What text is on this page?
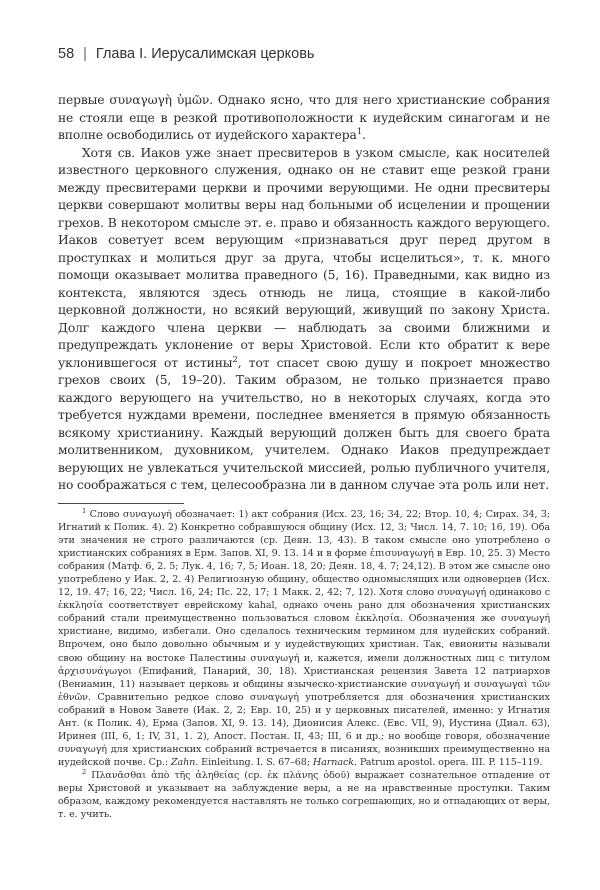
58 | Глава I. Иерусалимская церковь

первые συναγωγὴ ὑμῶν. Однако ясно, что для него христианские собрания не стояли еще в резкой противоположности к иудейским синагогам и не вполне освободились от иудейского характера$^1$.

Хотя св. Иаков уже знает пресвитеров в узком смысле, как носителей известного церковного служения, однако он не ставит еще резкой грани между пресвитерами церкви и прочими верующими. Не одни пресвитеры церкви совершают молитвы веры над больными об исцелении и прощении грехов. В некотором смысле эт. е. право и обязанность каждого верующего. Иаков советует всем верующим «признаваться друг перед другом в проступках и молиться друг за друга, чтобы исцелиться», т. к. много помощи оказывает молитва праведного (5, 16). Праведными, как видно из контекста, являются здесь отнюдь не лица, стоящие в какой-либо церковной должности, но всякий верующий, живущий по закону Христа. Долг каждого члена церкви — наблюдать за своими ближними и предупреждать уклонение от веры Христовой. Если кто обратит к вере уклонившегося от истины$^2$, тот спасет свою душу и покроет множество грехов своих (5, 19–20). Таким образом, не только признается право каждого верующего на учительство, но в некоторых случаях, когда это требуется нуждами времени, последнее вменяется в прямую обязанность всякому христианину. Каждый верующий должен быть для своего брата молитвенником, духовником, учителем. Однако Иаков предупреждает верующих не увлекаться учительской миссией, ролью публичного учителя, но соображаться с тем, целесообразна ли в данном случае эта роль или нет.

$^1$ Слово συναγωγή обозначает: 1) акт собрания (Исх. 23, 16; 34, 22; Втор. 10, 4; Сирах. 34, 3; Игнатий к Полик. 4). 2) Конкретно собравшуюся общину (Исх. 12, 3; Числ. 14, 7. 10; 16, 19). Оба эти значения не строго различаются (ср. Деян. 13, 43). В таком смысле оно употреблено о христианских собраниях в Ерм. Запов. XI, 9. 13. 14 и в форме ἐπισυναγωγή в Евр. 10, 25. 3) Место собрания (Матф. 6, 2. 5; Лук. 4, 16; 7, 5; Иоан. 18, 20; Деян. 18, 4. 7; 24,12). В этом же смысле оно употреблено у Иак. 2, 2. 4) Религиозную общину, общество одномыслящих или одноверцев (Исх. 12, 19. 47; 16, 22; Числ. 16, 24; Пс. 22, 17; 1 Макк. 2, 42; 7, 12). Хотя слово συναγωγή одинаково с ἐκκλησία соответствует еврейскому kahal, однако очень рано для обозначения христианских собраний стали преимущественно пользоваться словом ἐκκλησία. Обозначения же συναγωγή христиане, видимо, избегали. Оно сделалось техническим термином для иудейских собраний. Впрочем, оно было довольно обычным и у иудействующих христиан. Так, евиониты называли свою общину на востоке Палестины συναγωγή и, кажется, имели должностных лиц с титулом ἀρχισυνάγωγοι (Епифаний, Панарий, 30, 18). Христианская рецензия Завета 12 патриархов (Вениамин, 11) называет церковь и общины язычеcко-христианские συναγωγή и συναγωγαὶ τῶν ἐθνῶν. Сравнительно редкое слово συναγωγή употребляется для обозначения христианских собраний в Новом Завете (Иак. 2, 2; Евр. 10, 25) и у церковных писателей, именно: у Игнатия Ант. (к Полик. 4), Ерма (Запов. XI, 9. 13. 14), Дионисия Алекс. (Евс. VII, 9), Иустина (Диал. 63), Иринея (III, 6, 1; IV, 31, 1. 2), Апост. Постан. II, 43; III, 6 и др.; но вообще говоря, обозначение συναγωγή для христианских собраний встречается в писаниях, возникших преимущественно на иудейской почве. Ср.: Zahn. Einleitung. I. S. 67–68; Harnack. Patrum apostol. opera. III. P. 115–119.

$^2$ Πλανᾶσθαι ἀπὸ τῆς ἀληθείας (ср. ἐκ πλάνης ὁδοῦ) выражает сознательное отпадение от веры Христовой и указывает на заблуждение веры, а не на нравственные проступки. Таким образом, каждому рекомендуется наставлять не только согрешающих, но и отпадающих от веры, т. е. учить.
